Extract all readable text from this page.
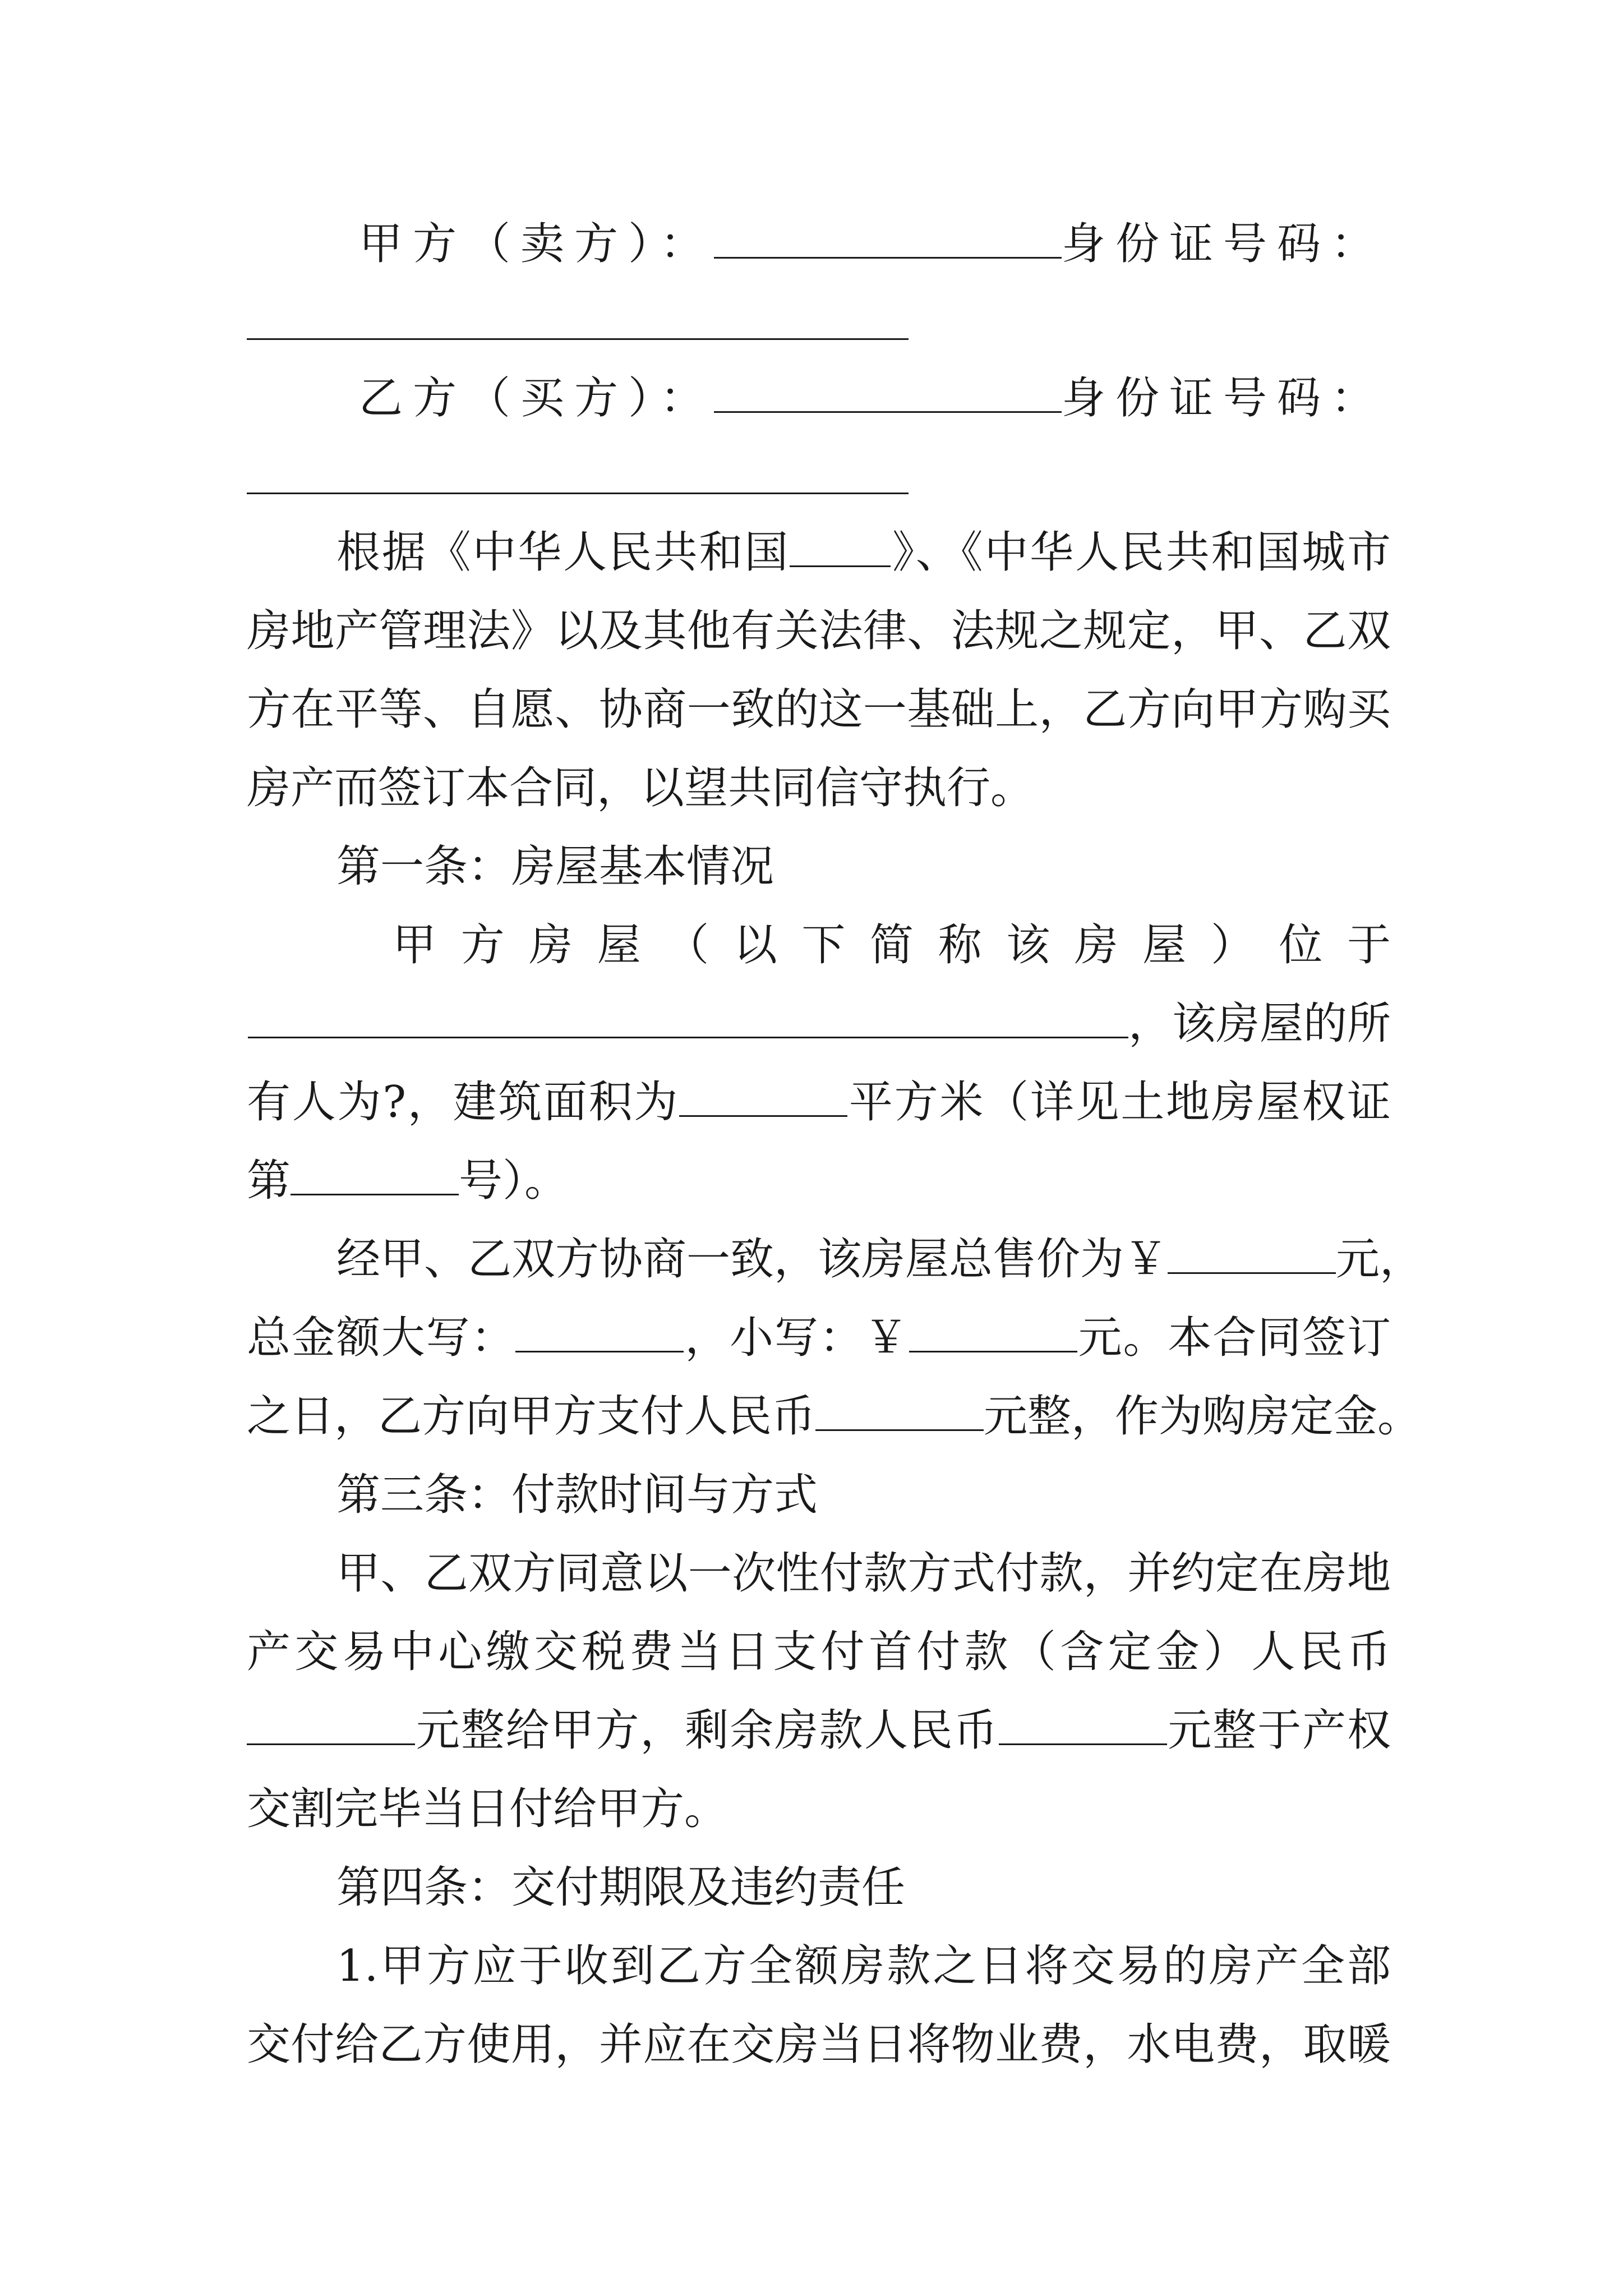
甲方（卖方）：	身份证号码：
乙方（买方）：	身份证号码：
根据《中华人民共和国 》、《中华人民共和国城市
房地产管理法》以及其他有关法律、法规之规定，甲、乙双
方在平等、自愿、协商一致的这一基础上，乙方向甲方购买
房产而签订本合同，以望共同信守执行。
第一条：房屋基本情况
甲方房屋（以下简称该房屋）位于
，该房屋的所
有人为?，建筑面积为	平方米（详见土地房屋权证
第	号）。
经甲、乙双方协商一致，该房屋总售价为￥	元，
总金额大写：	，小写：￥	元。本合同签订
之日，乙方向甲方支付人民币	元整，作为购房定金。
第三条：付款时间与方式
甲、乙双方同意以一次性付款方式付款，并约定在房地
产交易中心缴交税费当日支付首付款（含定金）人民币
元整给甲方，剩余房款人民币	元整于产权
交割完毕当日付给甲方。
第四条：交付期限及违约责任
1.甲方应于收到乙方全额房款之日将交易的房产全部
交付给乙方使用，并应在交房当日将物业费，水电费，取暖
